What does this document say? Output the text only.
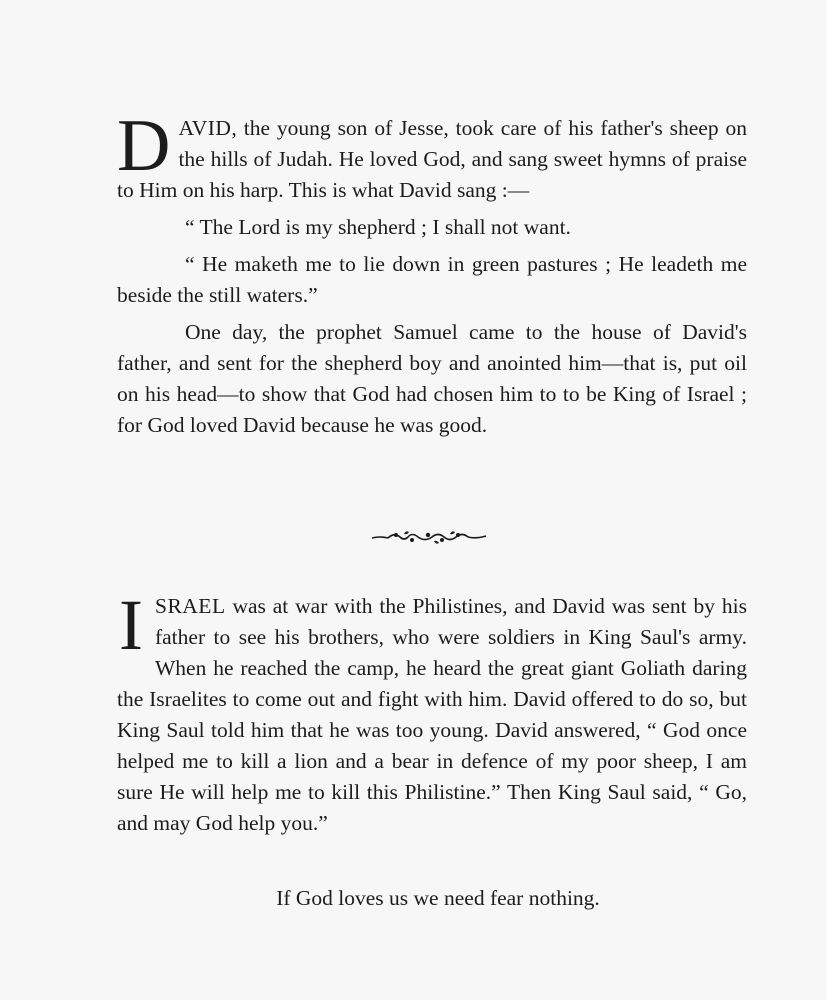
DAVID, the young son of Jesse, took care of his father's sheep on the hills of Judah. He loved God, and sang sweet hymns of praise to Him on his harp. This is what David sang :—

“ The Lord is my shepherd ; I shall not want.

“ He maketh me to lie down in green pastures ; He leadeth me beside the still waters.”

One day, the prophet Samuel came to the house of David's father, and sent for the shepherd boy and anointed him—that is, put oil on his head—to show that God had chosen him to to be King of Israel ; for God loved David because he was good.

ISRAEL was at war with the Philistines, and David was sent by his father to see his brothers, who were soldiers in King Saul's army. When he reached the camp, he heard the great giant Goliath daring the Israelites to come out and fight with him. David offered to do so, but King Saul told him that he was too young. David answered, “ God once helped me to kill a lion and a bear in defence of my poor sheep, I am sure He will help me to kill this Philistine.” Then King Saul said, “ Go, and may God help you.”

If God loves us we need fear nothing.
